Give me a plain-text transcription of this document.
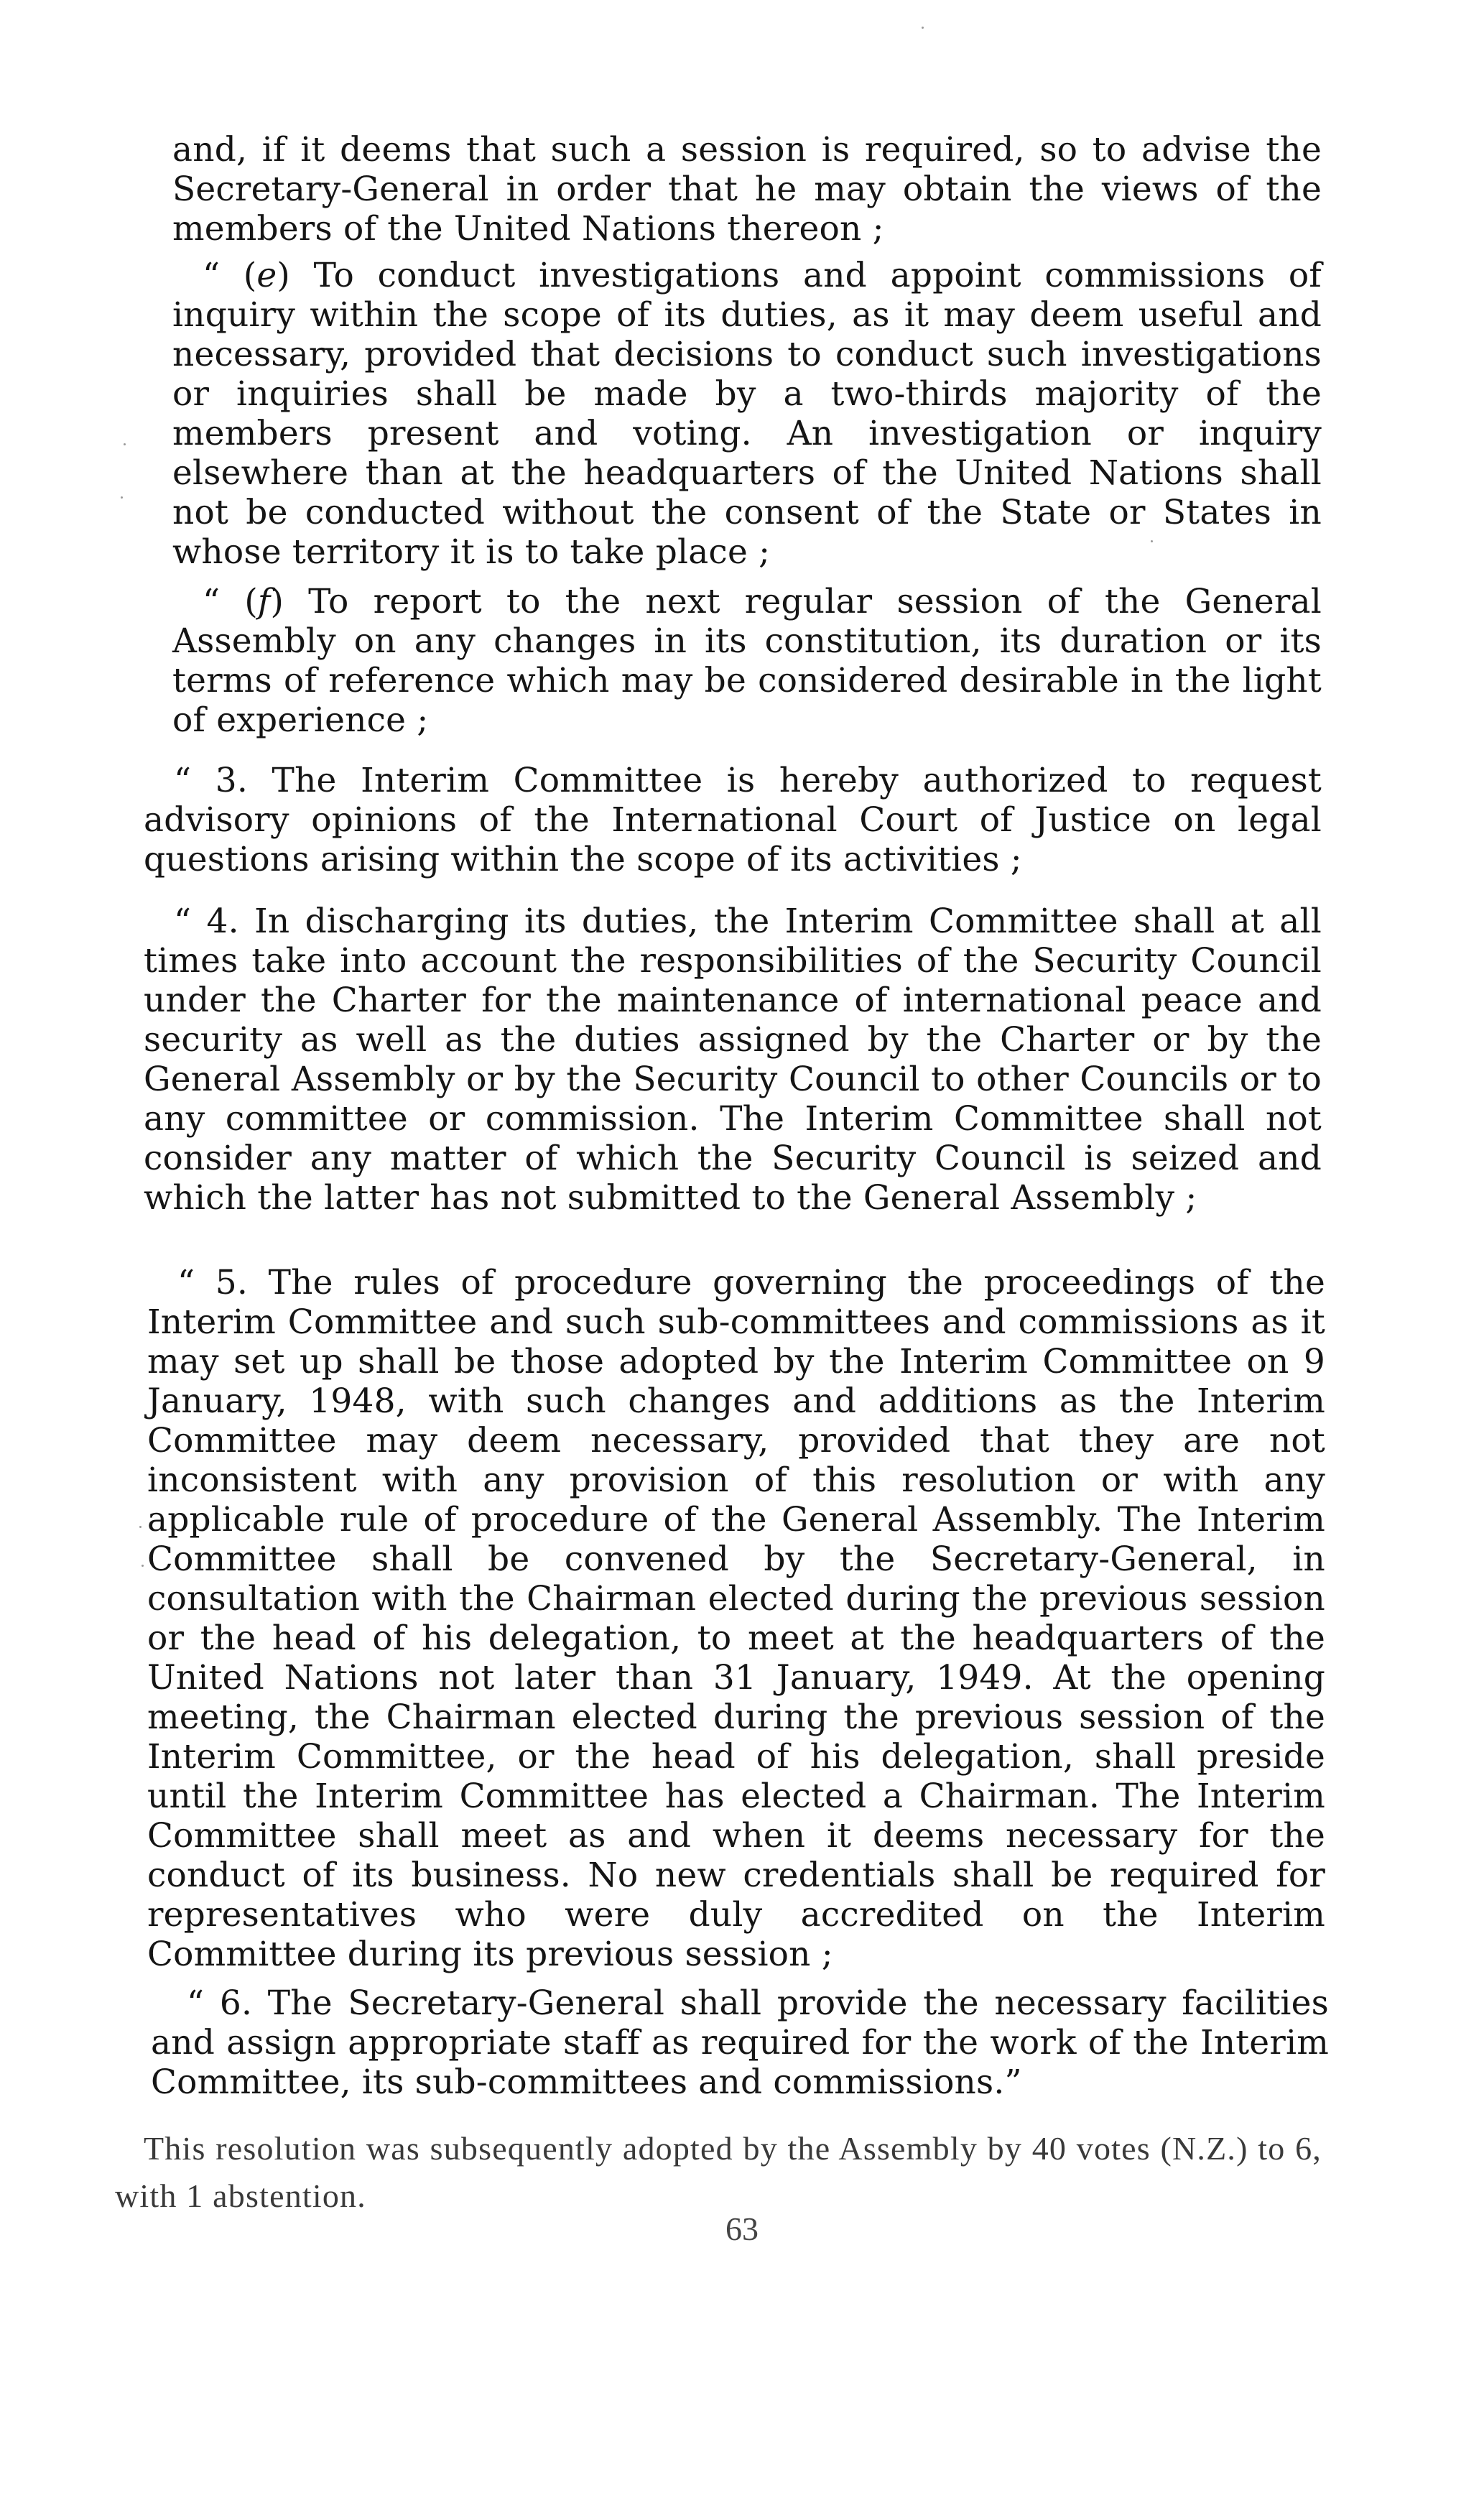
and, if it deems that such a session is required, so to advise the Secretary-General in order that he may obtain the views of the members of the United Nations thereon ;

“ (e) To conduct investigations and appoint commissions of inquiry within the scope of its duties, as it may deem useful and necessary, provided that decisions to conduct such investigations or inquiries shall be made by a two-thirds majority of the members present and voting. An investigation or inquiry elsewhere than at the headquarters of the United Nations shall not be conducted without the consent of the State or States in whose territory it is to take place ;

“ (f) To report to the next regular session of the General Assembly on any changes in its constitution, its duration or its terms of reference which may be considered desirable in the light of experience ;

“ 3. The Interim Committee is hereby authorized to request advisory opinions of the International Court of Justice on legal questions arising within the scope of its activities ;

“ 4. In discharging its duties, the Interim Committee shall at all times take into account the responsibilities of the Security Council under the Charter for the maintenance of international peace and security as well as the duties assigned by the Charter or by the General Assembly or by the Security Council to other Councils or to any committee or commission. The Interim Committee shall not consider any matter of which the Security Council is seized and which the latter has not submitted to the General Assembly ;

“ 5. The rules of procedure governing the proceedings of the Interim Committee and such sub-committees and commissions as it may set up shall be those adopted by the Interim Committee on 9 January, 1948, with such changes and additions as the Interim Committee may deem necessary, provided that they are not inconsistent with any provision of this resolution or with any applicable rule of procedure of the General Assembly. The Interim Committee shall be convened by the Secretary-General, in consultation with the Chairman elected during the previous session or the head of his delegation, to meet at the headquarters of the United Nations not later than 31 January, 1949. At the opening meeting, the Chairman elected during the previous session of the Interim Committee, or the head of his delegation, shall preside until the Interim Committee has elected a Chairman. The Interim Committee shall meet as and when it deems necessary for the conduct of its business. No new credentials shall be required for representatives who were duly accredited on the Interim Committee during its previous session ;

“ 6. The Secretary-General shall provide the necessary facilities and assign appropriate staff as required for the work of the Interim Committee, its sub-committees and commissions.”

This resolution was subsequently adopted by the Assembly by 40 votes (N.Z.) to 6, with 1 abstention.

63
